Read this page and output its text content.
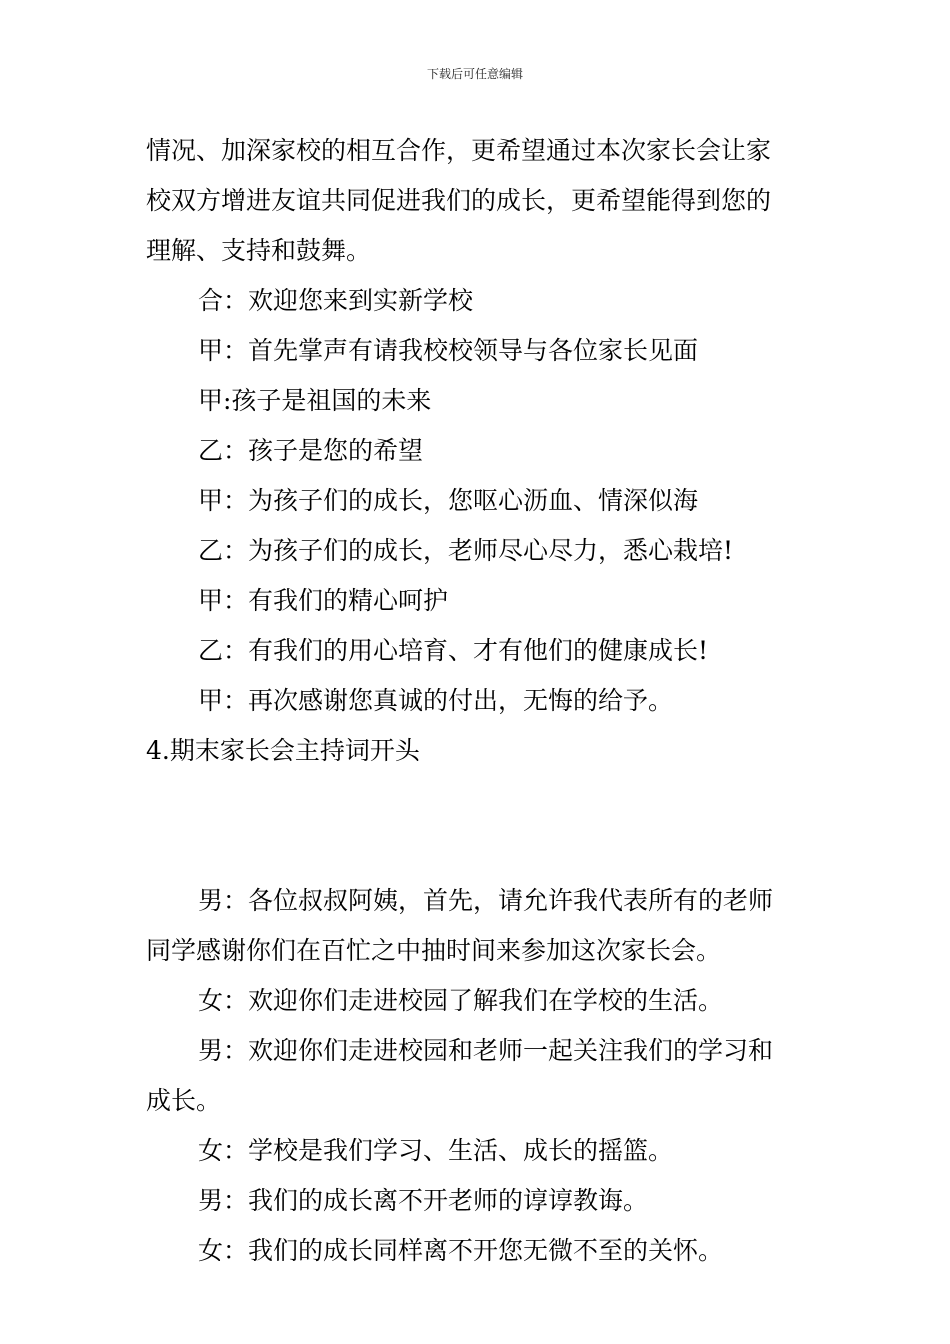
下载后可任意编辑
情况、加深家校的相互合作，更希望通过本次家长会让家
校双方增进友谊共同促进我们的成长，更希望能得到您的
理解、支持和鼓舞。
合：欢迎您来到实新学校
甲：首先掌声有请我校校领导与各位家长见面
甲:孩子是祖国的未来
乙：孩子是您的希望
甲：为孩子们的成长，您呕心沥血、情深似海
乙：为孩子们的成长，老师尽心尽力，悉心栽培!
甲：有我们的精心呵护
乙：有我们的用心培育、才有他们的健康成长!
甲：再次感谢您真诚的付出，无悔的给予。
4.期末家长会主持词开头
男：各位叔叔阿姨，首先，请允许我代表所有的老师
同学感谢你们在百忙之中抽时间来参加这次家长会。
女：欢迎你们走进校园了解我们在学校的生活。
男：欢迎你们走进校园和老师一起关注我们的学习和
成长。
女：学校是我们学习、生活、成长的摇篮。
男：我们的成长离不开老师的谆谆教诲。
女：我们的成长同样离不开您无微不至的关怀。
